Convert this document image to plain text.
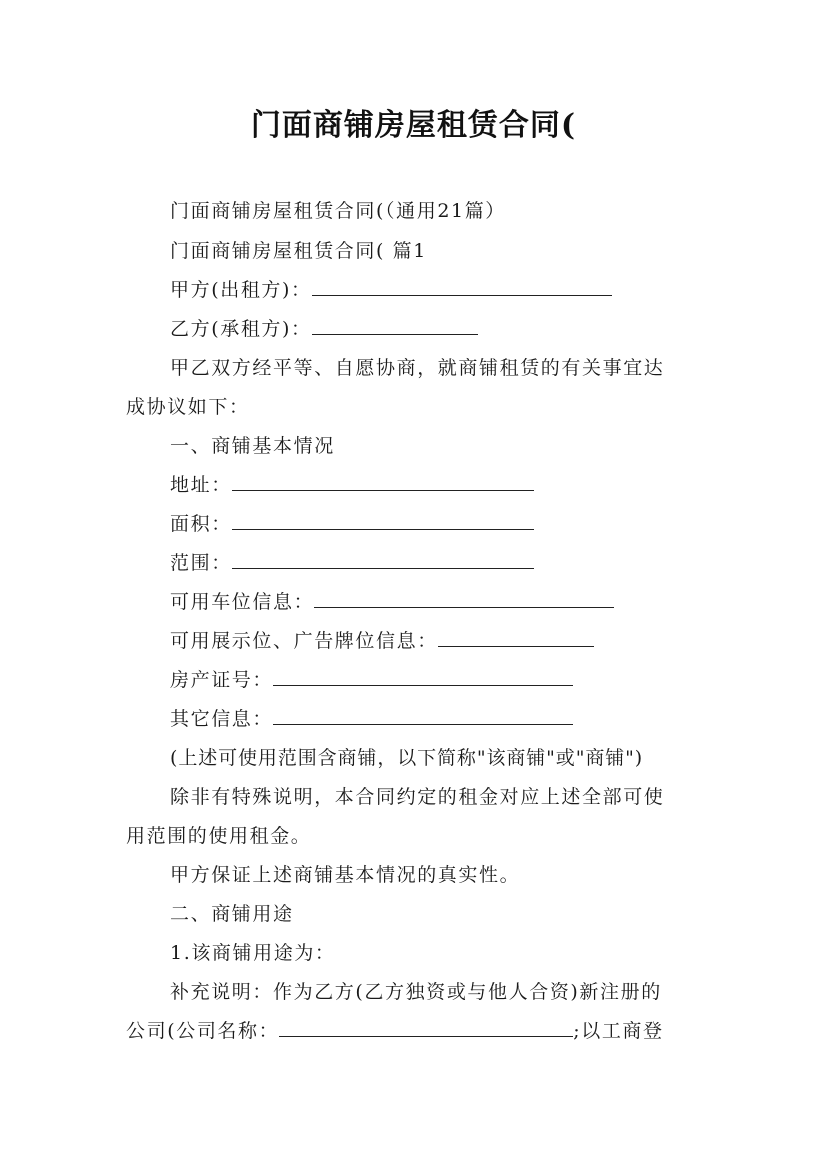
门面商铺房屋租赁合同(
门面商铺房屋租赁合同(（通用21篇）
门面商铺房屋租赁合同( 篇1
甲方(出租方)：
乙方(承租方)：
甲乙双方经平等、自愿协商，就商铺租赁的有关事宜达
成协议如下：
一、商铺基本情况
地址：
面积：
范围：
可用车位信息：
可用展示位、广告牌位信息：
房产证号：
其它信息：
(上述可使用范围含商铺，以下简称"该商铺"或"商铺")
除非有特殊说明，本合同约定的租金对应上述全部可使
用范围的使用租金。
甲方保证上述商铺基本情况的真实性。
二、商铺用途
1.该商铺用途为：
补充说明：作为乙方(乙方独资或与他人合资)新注册的
公司(公司名称：	;以工商登
